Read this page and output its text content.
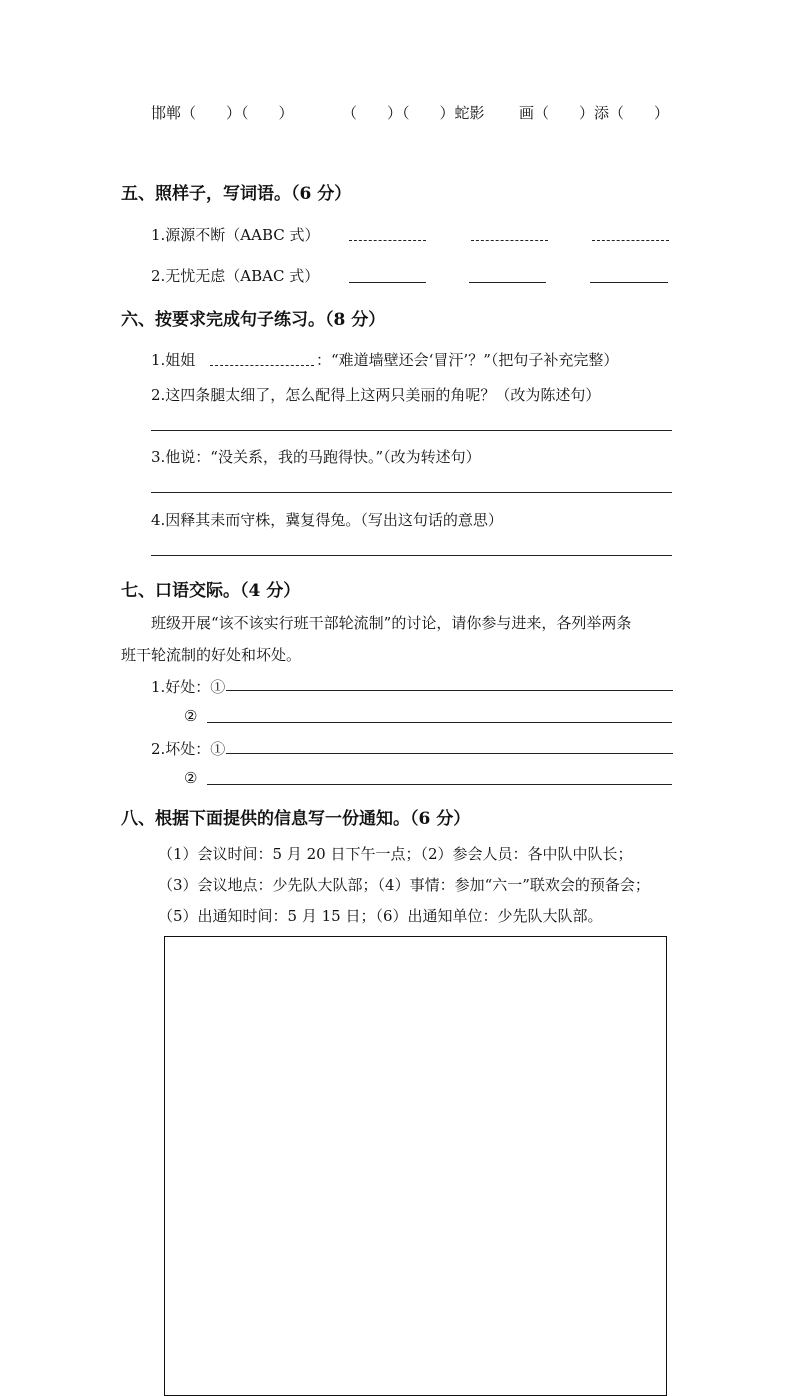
邯郸（　　）（　　）	（　　）（　　）蛇影 画（　　）添（　　）
五、照样子，写词语。（6 分）
1.源源不断（AABC 式）
2.无忧无虑（ABAC 式）
六、按要求完成句子练习。（8 分）
1.姐姐	：“难道墙壁还会‘冒汗’？”（把句子补充完整）
2.这四条腿太细了，怎么配得上这两只美丽的角呢？（改为陈述句）
3.他说：“没关系，我的马跑得快。”（改为转述句）
4.因释其耒而守株，冀复得兔。（写出这句话的意思）
七、口语交际。（4 分）
班级开展“该不该实行班干部轮流制”的讨论，请你参与进来，各列举两条
班干轮流制的好处和坏处。
1.好处：①
②
2.坏处：①
②
八、根据下面提供的信息写一份通知。（6 分）
（1）会议时间：5 月 20 日下午一点；（2）参会人员：各中队中队长；
（3）会议地点：少先队大队部；（4）事情：参加“六一”联欢会的预备会；
（5）出通知时间：5 月 15 日；（6）出通知单位：少先队大队部。
